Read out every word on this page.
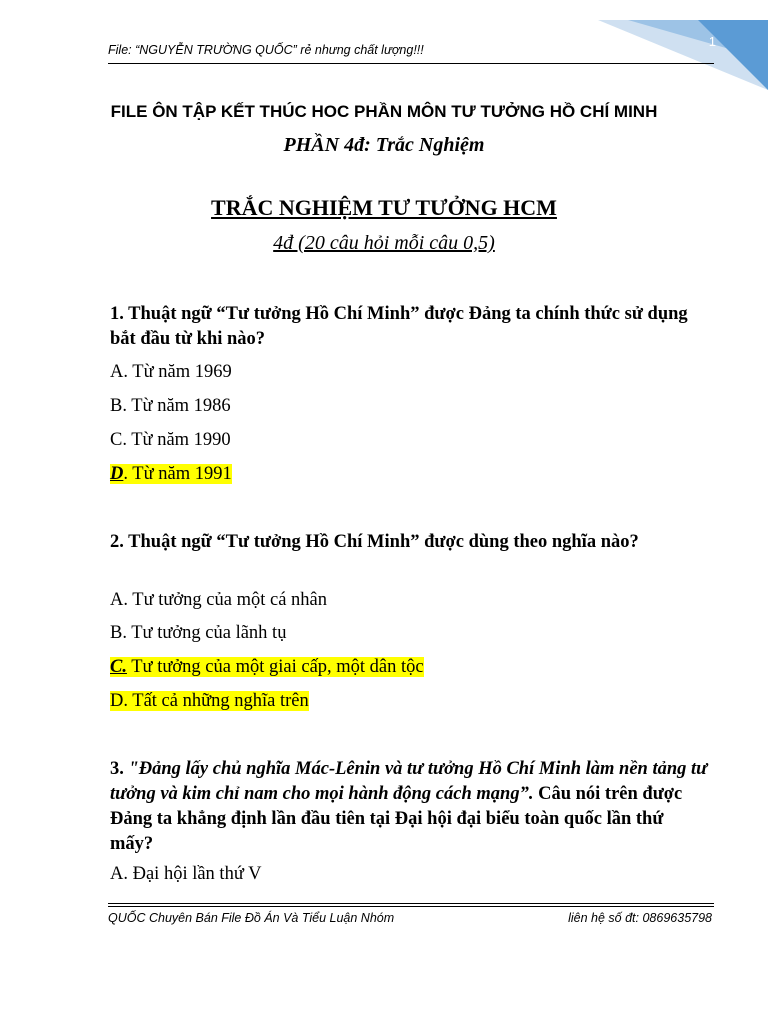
1
File: “NGUYỄN TRƯỜNG QUỐC” rẻ nhưng chất lượng!!!
FILE ÔN TẬP KẾT THÚC HOC PHẦN MÔN TƯ TƯỞNG HỒ CHÍ MINH
PHẦN 4đ: Trắc Nghiệm
TRẮC NGHIỆM TƯ TƯỞNG HCM
4đ (20 câu hỏi mỗi câu 0,5)

1. Thuật ngữ “Tư tưởng Hồ Chí Minh” được Đảng ta chính thức sử dụng bắt đầu từ khi nào?

A. Từ năm 1969

B. Từ năm 1986

C. Từ năm 1990

D. Từ năm 1991

2. Thuật ngữ “Tư tưởng Hồ Chí Minh” được dùng theo nghĩa nào?

A. Tư tưởng của một cá nhân

B. Tư tưởng của lãnh tụ

C. Tư tưởng của một giai cấp, một dân tộc

D. Tất cả những nghĩa trên

3. "Đảng lấy chủ nghĩa Mác-Lênin và tư tưởng Hồ Chí Minh làm nền tảng tư tưởng và kim chỉ nam cho mọi hành động cách mạng”. Câu nói trên được Đảng ta khẳng định lần đầu tiên tại Đại hội đại biểu toàn quốc lần thứ mấy?

A. Đại hội lần thứ V

QUỐC Chuyên Bán File Đồ Án Và Tiểu Luận Nhóm	liên hệ số đt: 0869635798
